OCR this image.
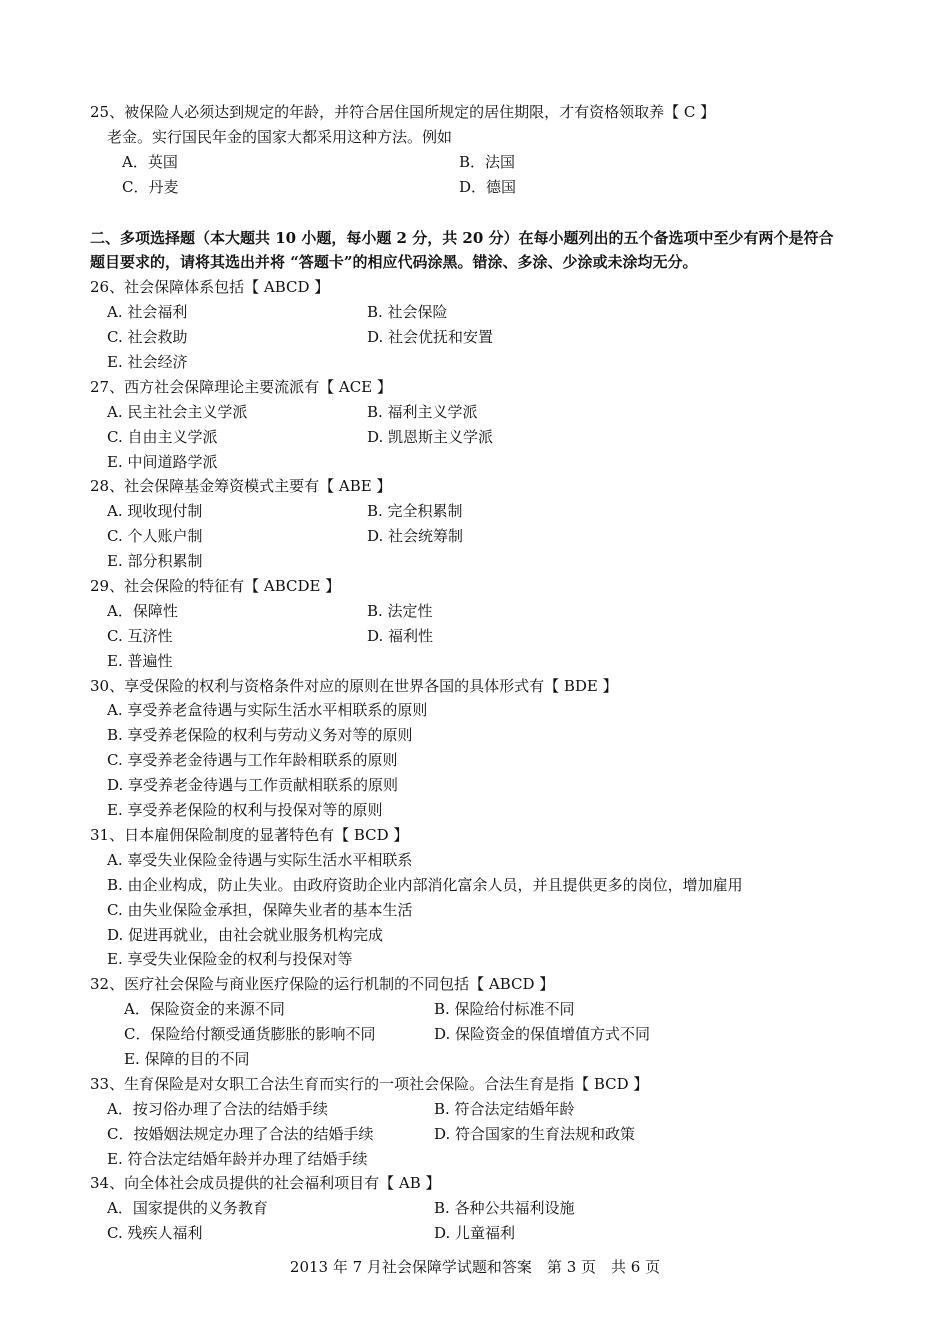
25、被保险人必须达到规定的年龄，并符合居住国所规定的居住期限，才有资格领取养【 C 】
老金。实行国民年金的国家大都采用这种方法。例如
A．英国	B．法国
C．丹麦	D．德国
二、多项选择题（本大题共 10 小题，每小题 2 分，共 20 分）在每小题列出的五个备选项中至少有两个是符合
题目要求的，请将其选出并将 “答题卡”的相应代码涂黑。错涂、多涂、少涂或未涂均无分。
26、社会保障体系包括【 ABCD 】
A. 社会福利	B. 社会保险
C. 社会救助	D. 社会优抚和安置
E. 社会经济
27、西方社会保障理论主要流派有【 ACE 】
A. 民主社会主义学派	B. 福利主义学派
C. 自由主义学派	D. 凯恩斯主义学派
E. 中间道路学派
28、社会保障基金筹资模式主要有【 ABE 】
A. 现收现付制	B. 完全积累制
C. 个人账户制	D. 社会统筹制
E. 部分积累制
29、社会保险的特征有【 ABCDE 】
A．保障性	B. 法定性
C. 互济性	D. 福利性
E. 普遍性
30、享受保险的权利与资格条件对应的原则在世界各国的具体形式有【 BDE 】
A. 享受养老盒待遇与实际生活水平相联系的原则
B. 享受养老保险的权利与劳动义务对等的原则
C. 享受养老金待遇与工作年龄相联系的原则
D. 享受养老金待遇与工作贡献相联系的原则
E. 享受养老保险的权利与投保对等的原则
31、日本雇佣保险制度的显著特色有【 BCD 】
A. 辜受失业保险金待遇与实际生活水平相联系
B. 由企业构成，防止失业。由政府资助企业内部消化富余人员，并且提供更多的岗位，增加雇用
C. 由失业保险金承担，保障失业者的基本生活
D. 促进再就业，由社会就业服务机构完成
E. 享受失业保险金的权利与投保对等
32、医疗社会保险与商业医疗保险的运行机制的不同包括【 ABCD 】
A．保险资金的来源不同	B. 保险给付标准不同
C．保险给付额受通货膨胀的影响不同	D. 保险资金的保值增值方式不同
E. 保障的目的不同
33、生育保险是对女职工合法生育而实行的一项社会保险。合法生育是指【 BCD 】
A．按习俗办理了合法的结婚手续	B. 符合法定结婚年龄
C．按婚姻法规定办理了合法的结婚手续	D. 符合国家的生育法规和政策
E. 符合法定结婚年龄并办理了结婚手续
34、向全体社会成员提供的社会福利项目有【 AB 】
A．国家提供的义务教育	B. 各种公共福利设施
C. 残疾人福利	D. 儿童福利
2013 年 7 月社会保障学试题和答案　第 3 页　共 6 页
